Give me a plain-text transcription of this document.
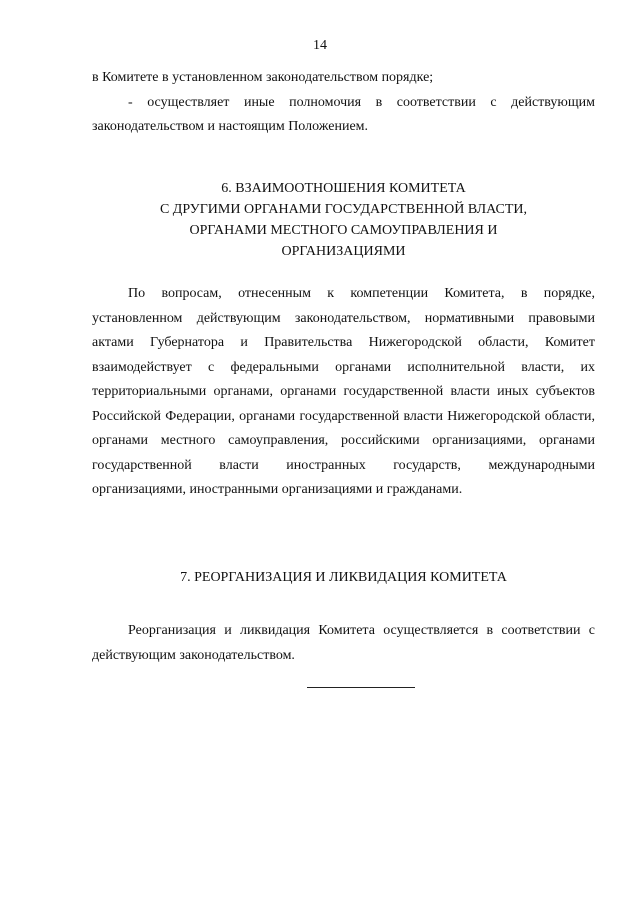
14

в Комитете в установленном законодательством порядке;

- осуществляет иные полномочия в соответствии с действующим законодательством и настоящим Положением.

6. ВЗАИМООТНОШЕНИЯ КОМИТЕТА
С ДРУГИМИ ОРГАНАМИ ГОСУДАРСТВЕННОЙ ВЛАСТИ,
ОРГАНАМИ МЕСТНОГО САМОУПРАВЛЕНИЯ И
ОРГАНИЗАЦИЯМИ

По вопросам, отнесенным к компетенции Комитета, в порядке, установленном действующим законодательством, нормативными правовыми актами Губернатора и Правительства Нижегородской области, Комитет взаимодействует с федеральными органами исполнительной власти, их территориальными органами, органами государственной власти иных субъектов Российской Федерации, органами государственной власти Нижегородской области, органами местного самоуправления, российскими организациями, органами государственной власти иностранных государств, международными организациями, иностранными организациями и гражданами.

7. РЕОРГАНИЗАЦИЯ И ЛИКВИДАЦИЯ КОМИТЕТА

Реорганизация и ликвидация Комитета осуществляется в соответствии с действующим законодательством.
